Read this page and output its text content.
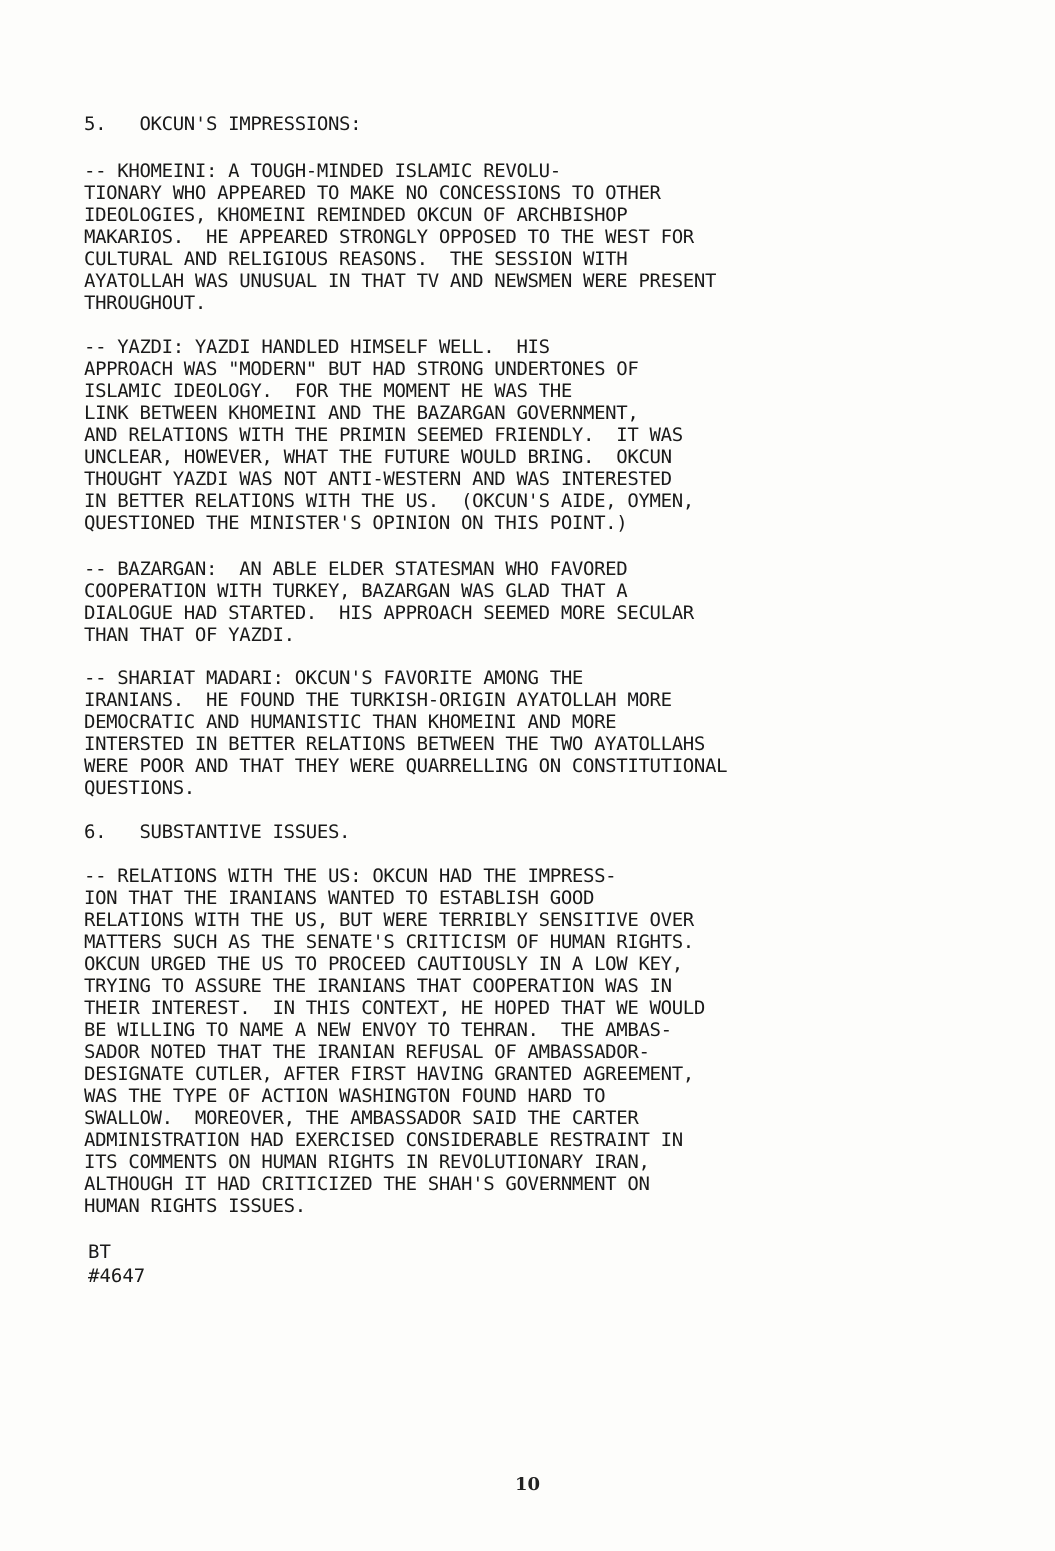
5.   OKCUN'S IMPRESSIONS:
-- KHOMEINI: A TOUGH-MINDED ISLAMIC REVOLU-
TIONARY WHO APPEARED TO MAKE NO CONCESSIONS TO OTHER
IDEOLOGIES, KHOMEINI REMINDED OKCUN OF ARCHBISHOP
MAKARIOS.  HE APPEARED STRONGLY OPPOSED TO THE WEST FOR
CULTURAL AND RELIGIOUS REASONS.  THE SESSION WITH
AYATOLLAH WAS UNUSUAL IN THAT TV AND NEWSMEN WERE PRESENT
THROUGHOUT.
-- YAZDI: YAZDI HANDLED HIMSELF WELL.  HIS
APPROACH WAS "MODERN" BUT HAD STRONG UNDERTONES OF
ISLAMIC IDEOLOGY.  FOR THE MOMENT HE WAS THE
LINK BETWEEN KHOMEINI AND THE BAZARGAN GOVERNMENT,
AND RELATIONS WITH THE PRIMIN SEEMED FRIENDLY.  IT WAS
UNCLEAR, HOWEVER, WHAT THE FUTURE WOULD BRING.  OKCUN
THOUGHT YAZDI WAS NOT ANTI-WESTERN AND WAS INTERESTED
IN BETTER RELATIONS WITH THE US.  (OKCUN'S AIDE, OYMEN,
QUESTIONED THE MINISTER'S OPINION ON THIS POINT.)
-- BAZARGAN:  AN ABLE ELDER STATESMAN WHO FAVORED
COOPERATION WITH TURKEY, BAZARGAN WAS GLAD THAT A
DIALOGUE HAD STARTED.  HIS APPROACH SEEMED MORE SECULAR
THAN THAT OF YAZDI.
-- SHARIAT MADARI: OKCUN'S FAVORITE AMONG THE
IRANIANS.  HE FOUND THE TURKISH-ORIGIN AYATOLLAH MORE
DEMOCRATIC AND HUMANISTIC THAN KHOMEINI AND MORE
INTERSTED IN BETTER RELATIONS BETWEEN THE TWO AYATOLLAHS
WERE POOR AND THAT THEY WERE QUARRELLING ON CONSTITUTIONAL
QUESTIONS.
6.   SUBSTANTIVE ISSUES.
-- RELATIONS WITH THE US: OKCUN HAD THE IMPRESS-
ION THAT THE IRANIANS WANTED TO ESTABLISH GOOD
RELATIONS WITH THE US, BUT WERE TERRIBLY SENSITIVE OVER
MATTERS SUCH AS THE SENATE'S CRITICISM OF HUMAN RIGHTS.
OKCUN URGED THE US TO PROCEED CAUTIOUSLY IN A LOW KEY,
TRYING TO ASSURE THE IRANIANS THAT COOPERATION WAS IN
THEIR INTEREST.  IN THIS CONTEXT, HE HOPED THAT WE WOULD
BE WILLING TO NAME A NEW ENVOY TO TEHRAN.  THE AMBAS-
SADOR NOTED THAT THE IRANIAN REFUSAL OF AMBASSADOR-
DESIGNATE CUTLER, AFTER FIRST HAVING GRANTED AGREEMENT,
WAS THE TYPE OF ACTION WASHINGTON FOUND HARD TO
SWALLOW.  MOREOVER, THE AMBASSADOR SAID THE CARTER
ADMINISTRATION HAD EXERCISED CONSIDERABLE RESTRAINT IN
ITS COMMENTS ON HUMAN RIGHTS IN REVOLUTIONARY IRAN,
ALTHOUGH IT HAD CRITICIZED THE SHAH'S GOVERNMENT ON
HUMAN RIGHTS ISSUES.
BT
#4647
10
